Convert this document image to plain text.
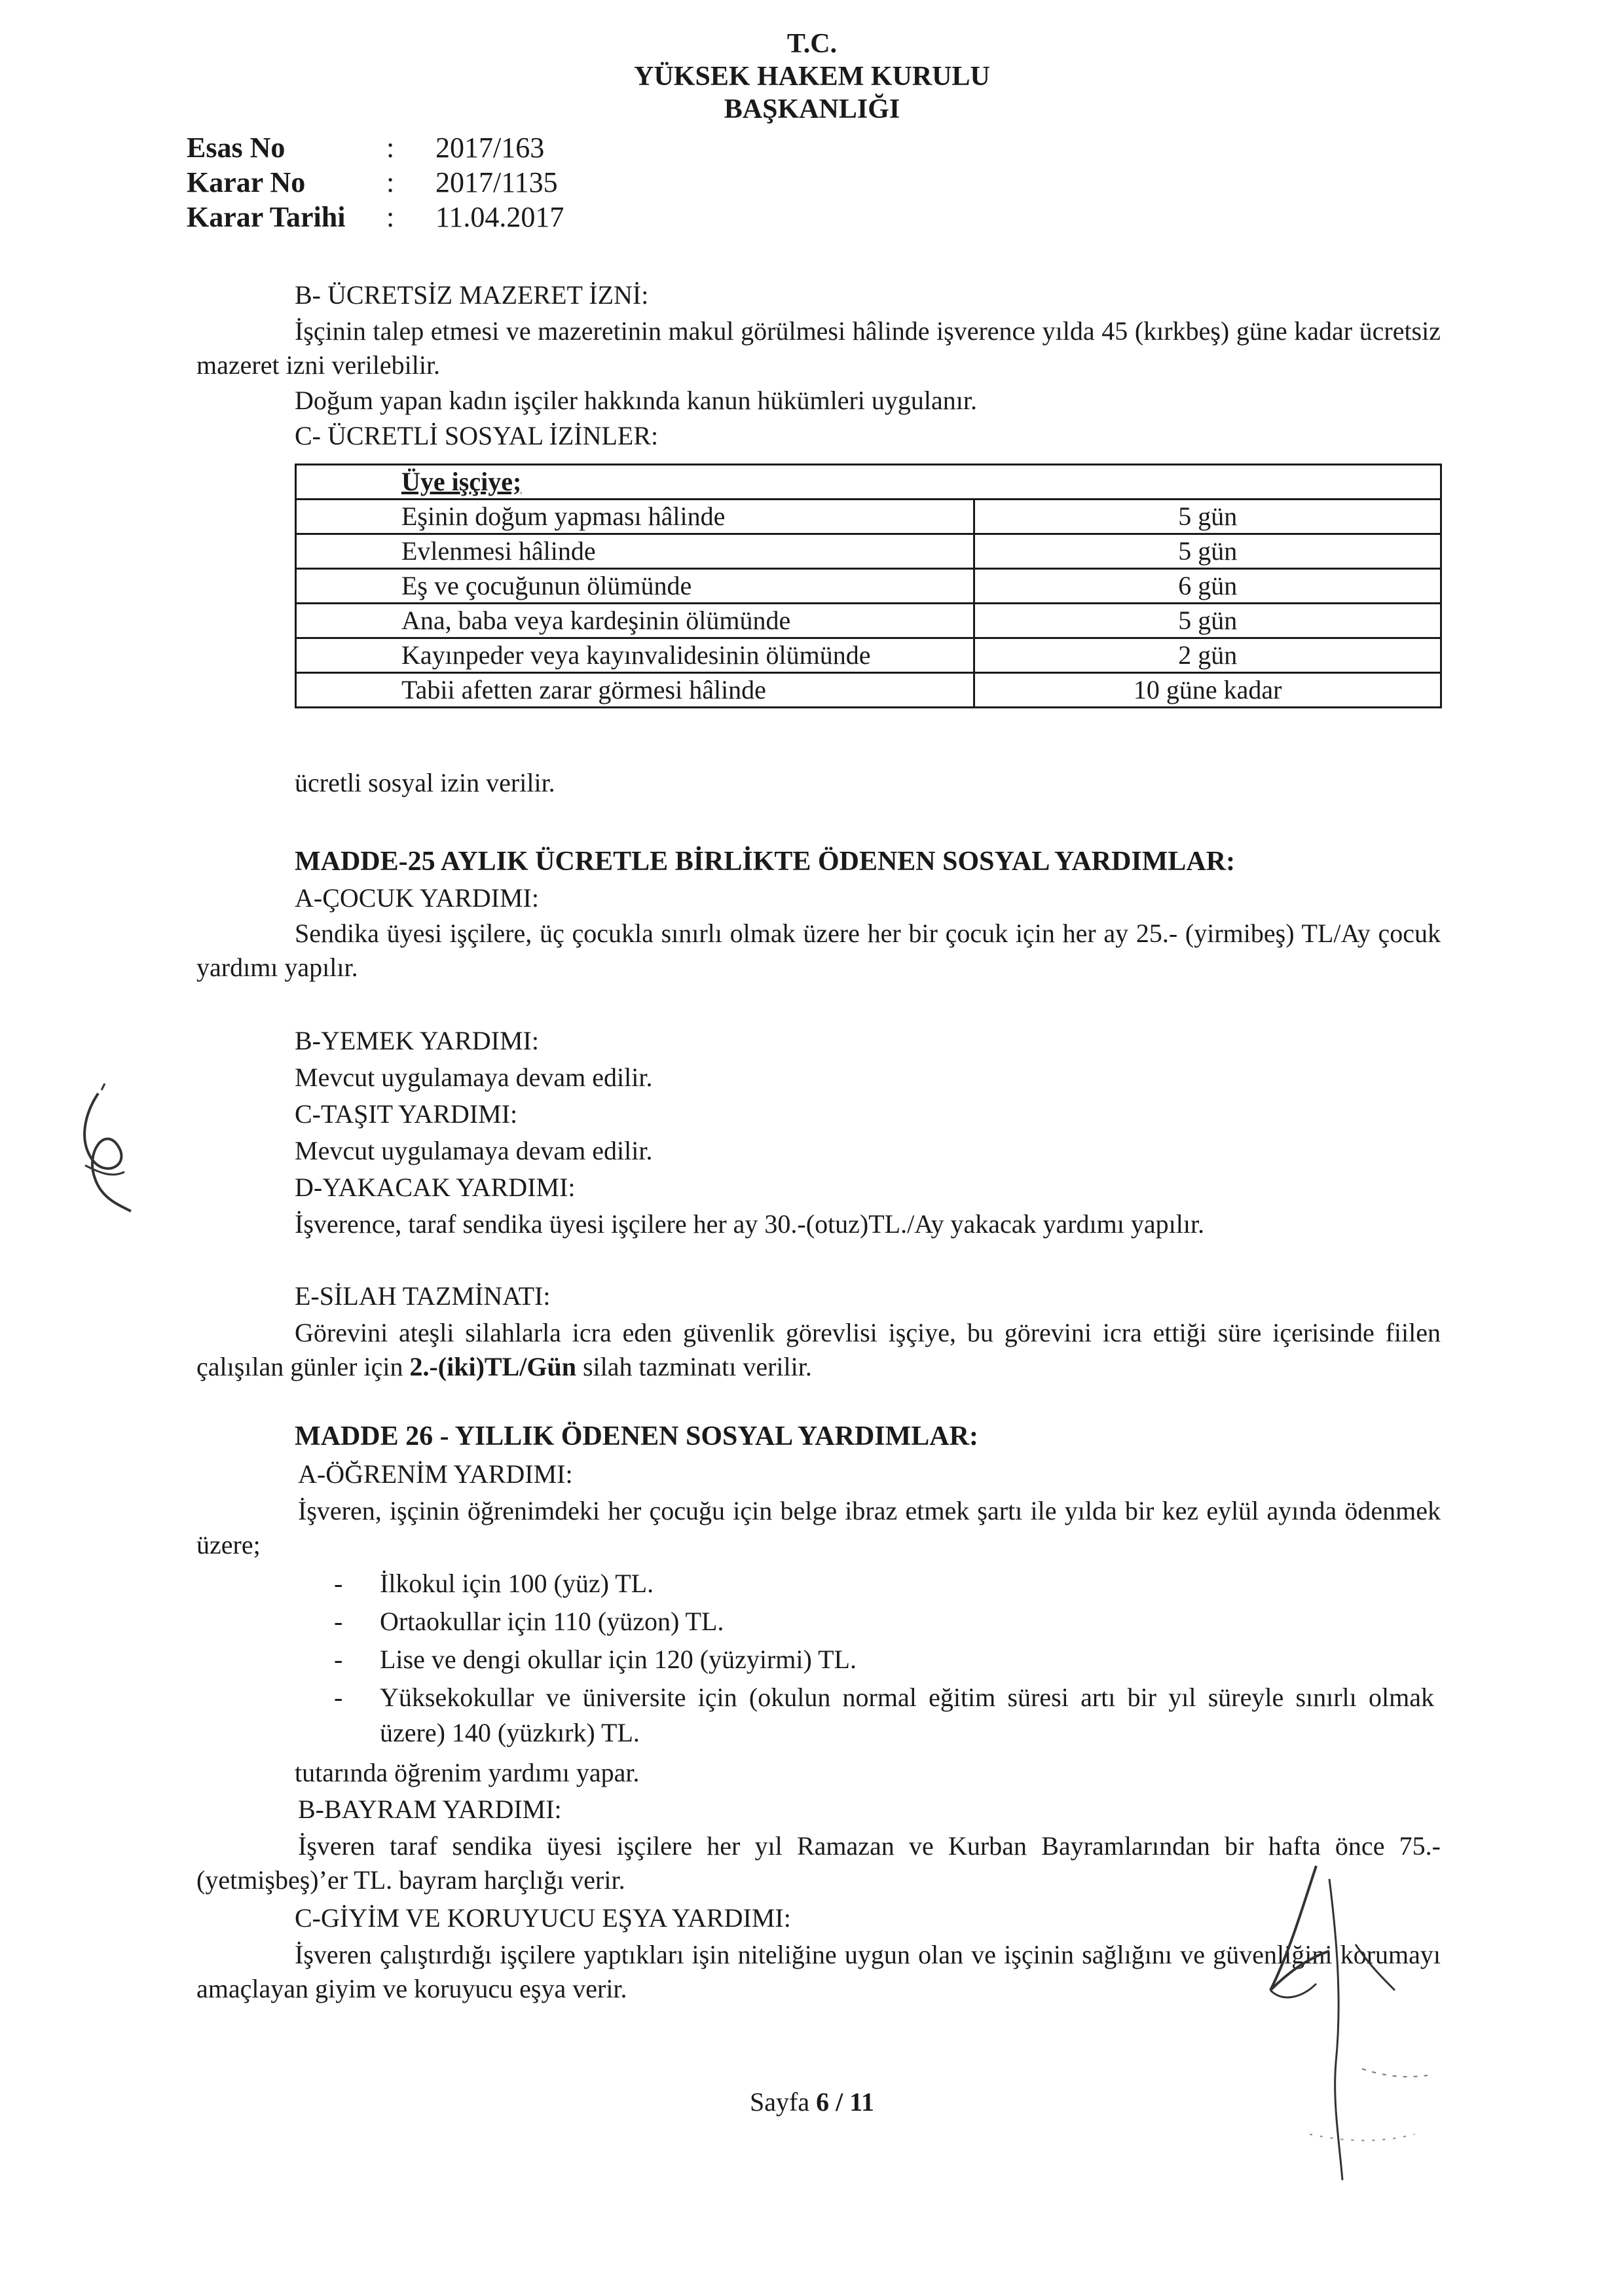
T.C.
YÜKSEK HAKEM KURULU
BAŞKANLIĞI
Esas No	: 2017/163
Karar No	: 2017/1135
Karar Tarihi : 11.04.2017
B- ÜCRETSİZ MAZERET İZNİ:
İşçinin talep etmesi ve mazeretinin makul görülmesi hâlinde işverence yılda 45 (kırkbeş) güne kadar ücretsiz mazeret izni verilebilir.
Doğum yapan kadın işçiler hakkında kanun hükümleri uygulanır.
C- ÜCRETLİ SOSYAL İZİNLER:
Üye işçiye;	
Eşinin doğum yapması hâlinde	5 gün
Evlenmesi hâlinde	5 gün
Eş ve çocuğunun ölümünde	6 gün
Ana, baba veya kardeşinin ölümünde	5 gün
Kayınpeder veya kayınvalidesinin ölümünde	2 gün
Tabii afetten zarar görmesi hâlinde	10 güne kadar
ücretli sosyal izin verilir.
MADDE-25 AYLIK ÜCRETLE BİRLİKTE ÖDENEN SOSYAL YARDIMLAR:
A-ÇOCUK YARDIMI:
Sendika üyesi işçilere, üç çocukla sınırlı olmak üzere her bir çocuk için her ay 25.- (yirmibeş) TL/Ay çocuk yardımı yapılır.
B-YEMEK YARDIMI:
Mevcut uygulamaya devam edilir.
C-TAŞIT YARDIMI:
Mevcut uygulamaya devam edilir.
D-YAKACAK YARDIMI:
İşverence, taraf sendika üyesi işçilere her ay 30.-(otuz)TL./Ay yakacak yardımı yapılır.
E-SİLAH TAZMİNATI:
Görevini ateşli silahlarla icra eden güvenlik görevlisi işçiye, bu görevini icra ettiği süre içerisinde fiilen çalışılan günler için 2.-(iki)TL/Gün silah tazminatı verilir.
MADDE 26 - YILLIK ÖDENEN SOSYAL YARDIMLAR:
A-ÖĞRENİM YARDIMI:
İşveren, işçinin öğrenimdeki her çocuğu için belge ibraz etmek şartı ile yılda bir kez eylül ayında ödenmek üzere;
- İlkokul için 100 (yüz) TL.
- Ortaokullar için 110 (yüzon) TL.
- Lise ve dengi okullar için 120 (yüzyirmi) TL.
- Yüksekokullar ve üniversite için (okulun normal eğitim süresi artı bir yıl süreyle sınırlı olmak üzere) 140 (yüzkırk) TL.
tutarında öğrenim yardımı yapar.
B-BAYRAM YARDIMI:
İşveren taraf sendika üyesi işçilere her yıl Ramazan ve Kurban Bayramlarından bir hafta önce 75.-(yetmişbeş)’er TL. bayram harçlığı verir.
C-GİYİM VE KORUYUCU EŞYA YARDIMI:
İşveren çalıştırdığı işçilere yaptıkları işin niteliğine uygun olan ve işçinin sağlığını ve güvenliğini korumayı amaçlayan giyim ve koruyucu eşya verir.
Sayfa 6 / 11
